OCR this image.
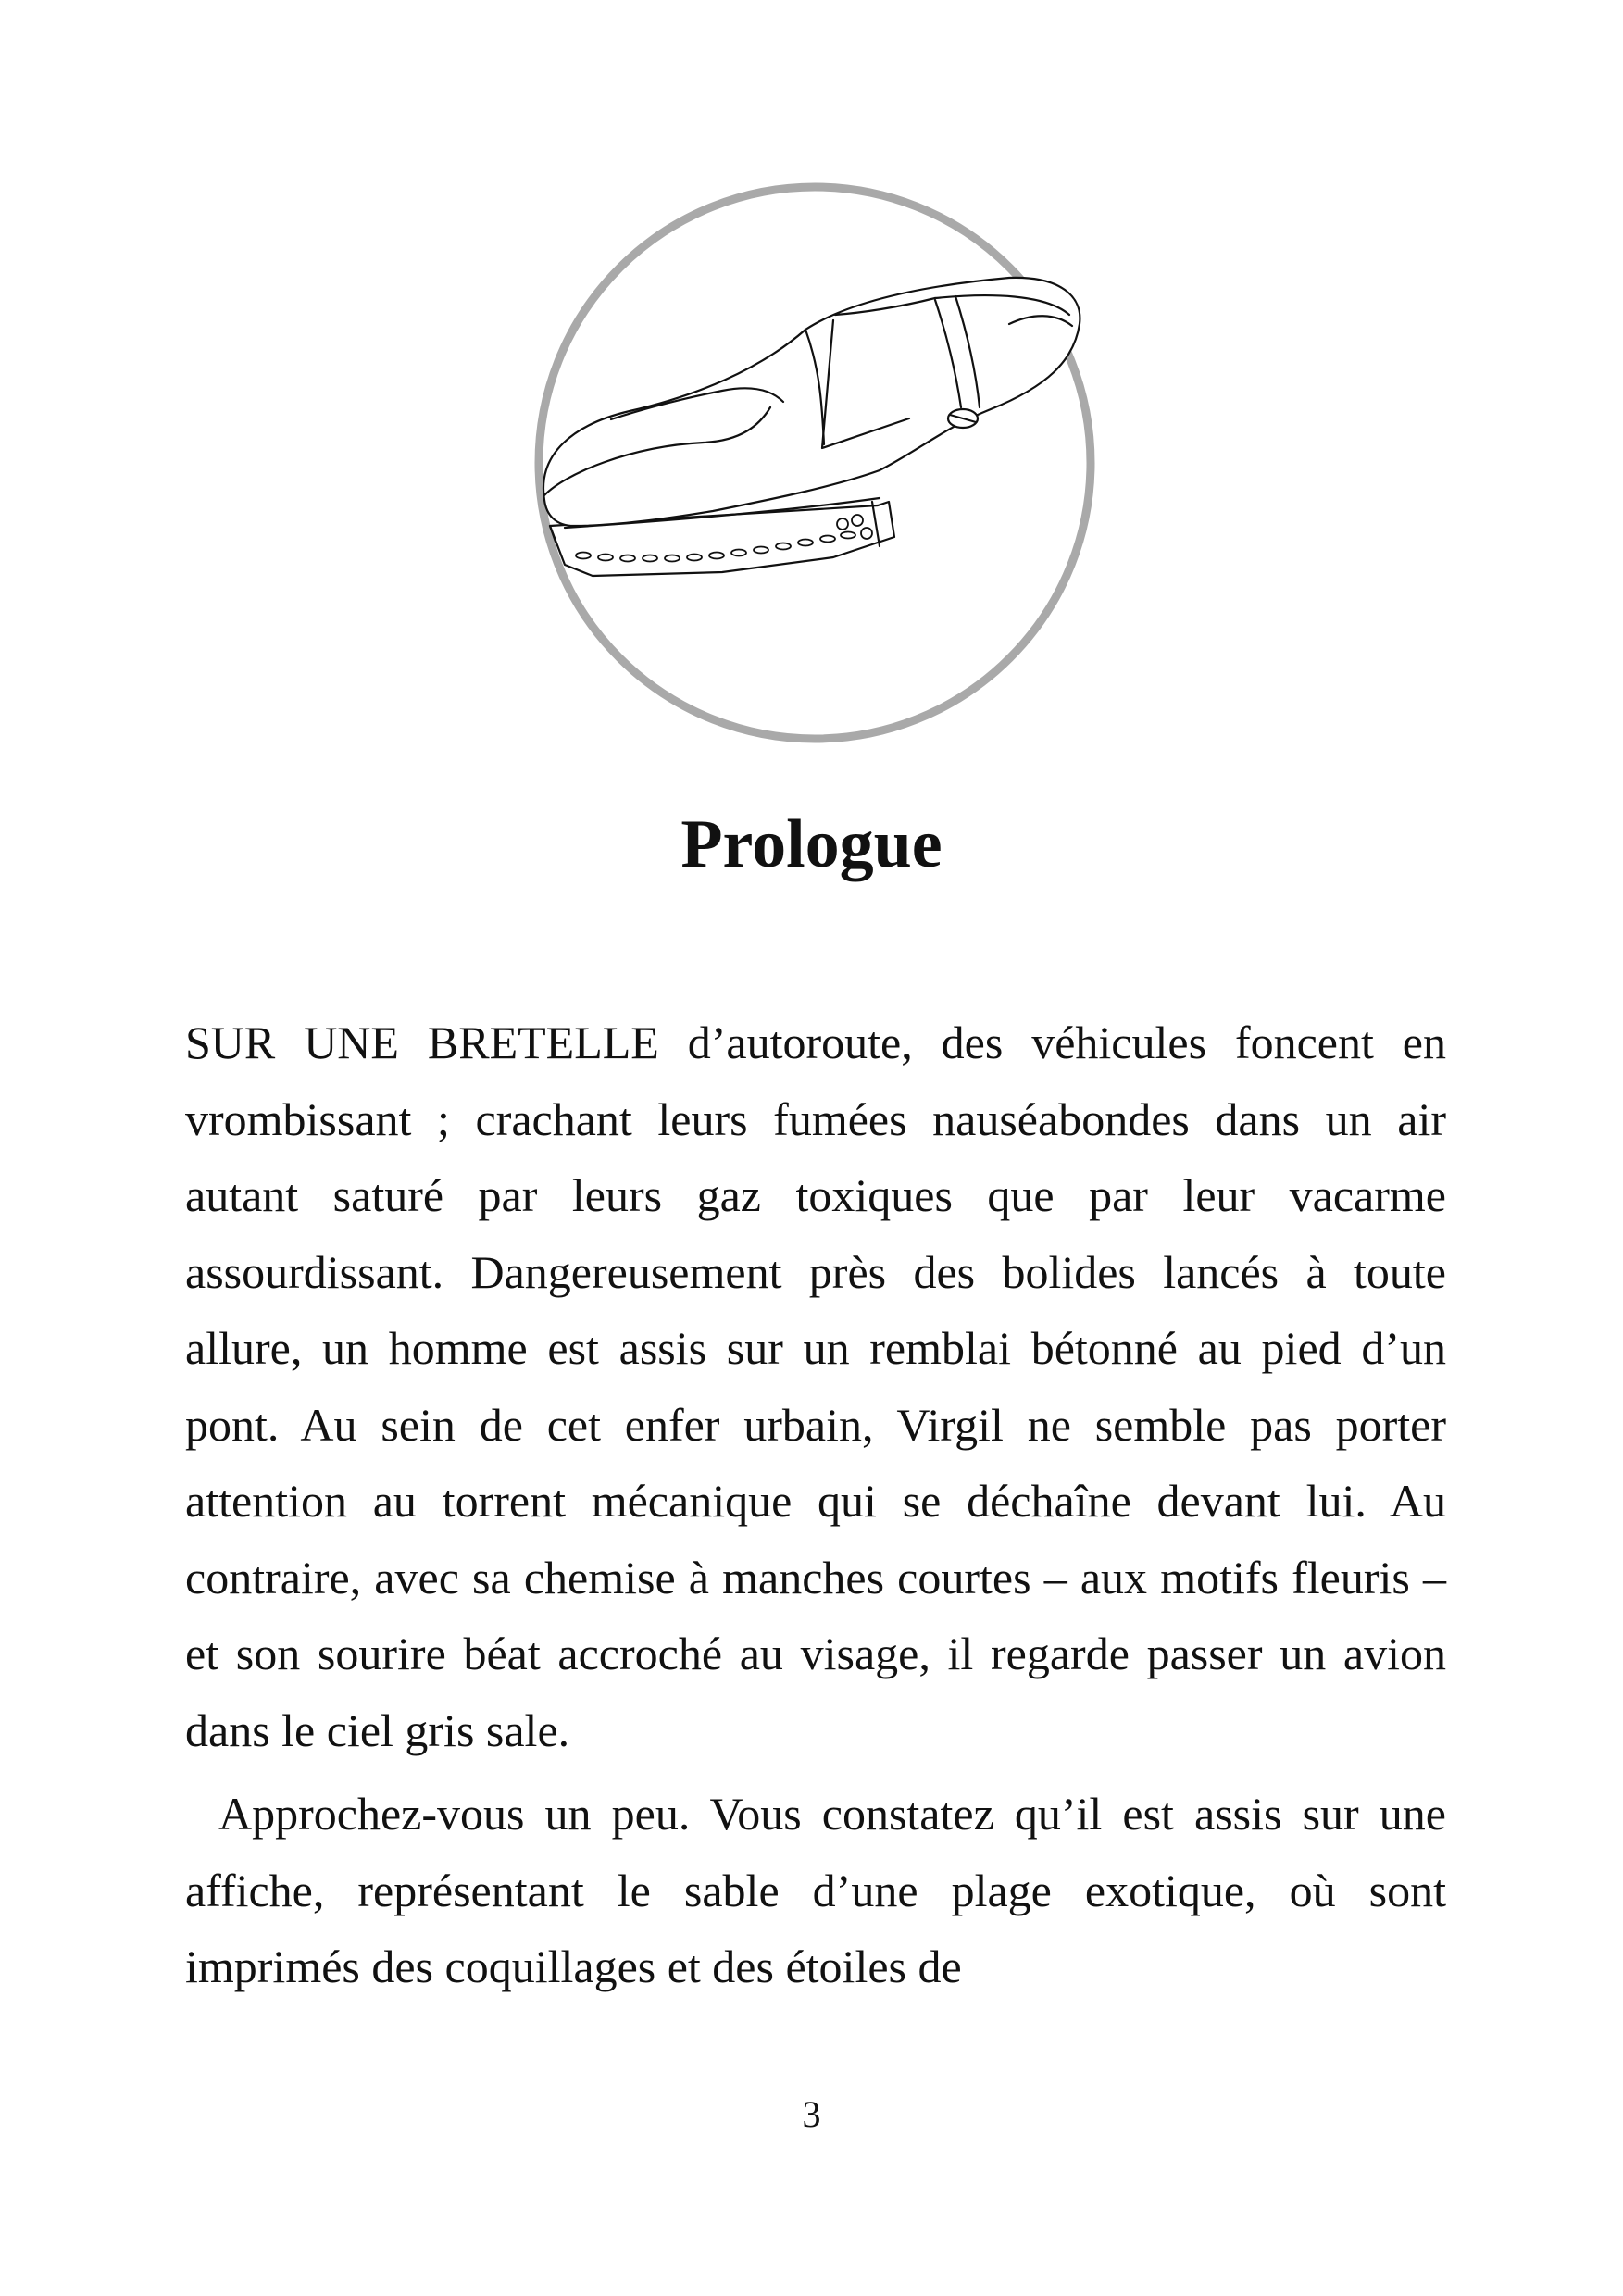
Prologue

SUR UNE BRETELLE d’autoroute, des véhicules foncent en vrombissant ; crachant leurs fumées nauséabondes dans un air autant saturé par leurs gaz toxiques que par leur vacarme assourdissant. Dangereusement près des bolides lancés à toute allure, un homme est assis sur un remblai bétonné au pied d’un pont. Au sein de cet enfer urbain, Virgil ne semble pas porter attention au torrent mécanique qui se déchaîne devant lui. Au contraire, avec sa chemise à manches courtes – aux motifs fleuris – et son sourire béat accroché au visage, il regarde passer un avion dans le ciel gris sale.

Approchez-vous un peu. Vous constatez qu’il est assis sur une affiche, représentant le sable d’une plage exotique, où sont imprimés des coquillages et des étoiles de

3
